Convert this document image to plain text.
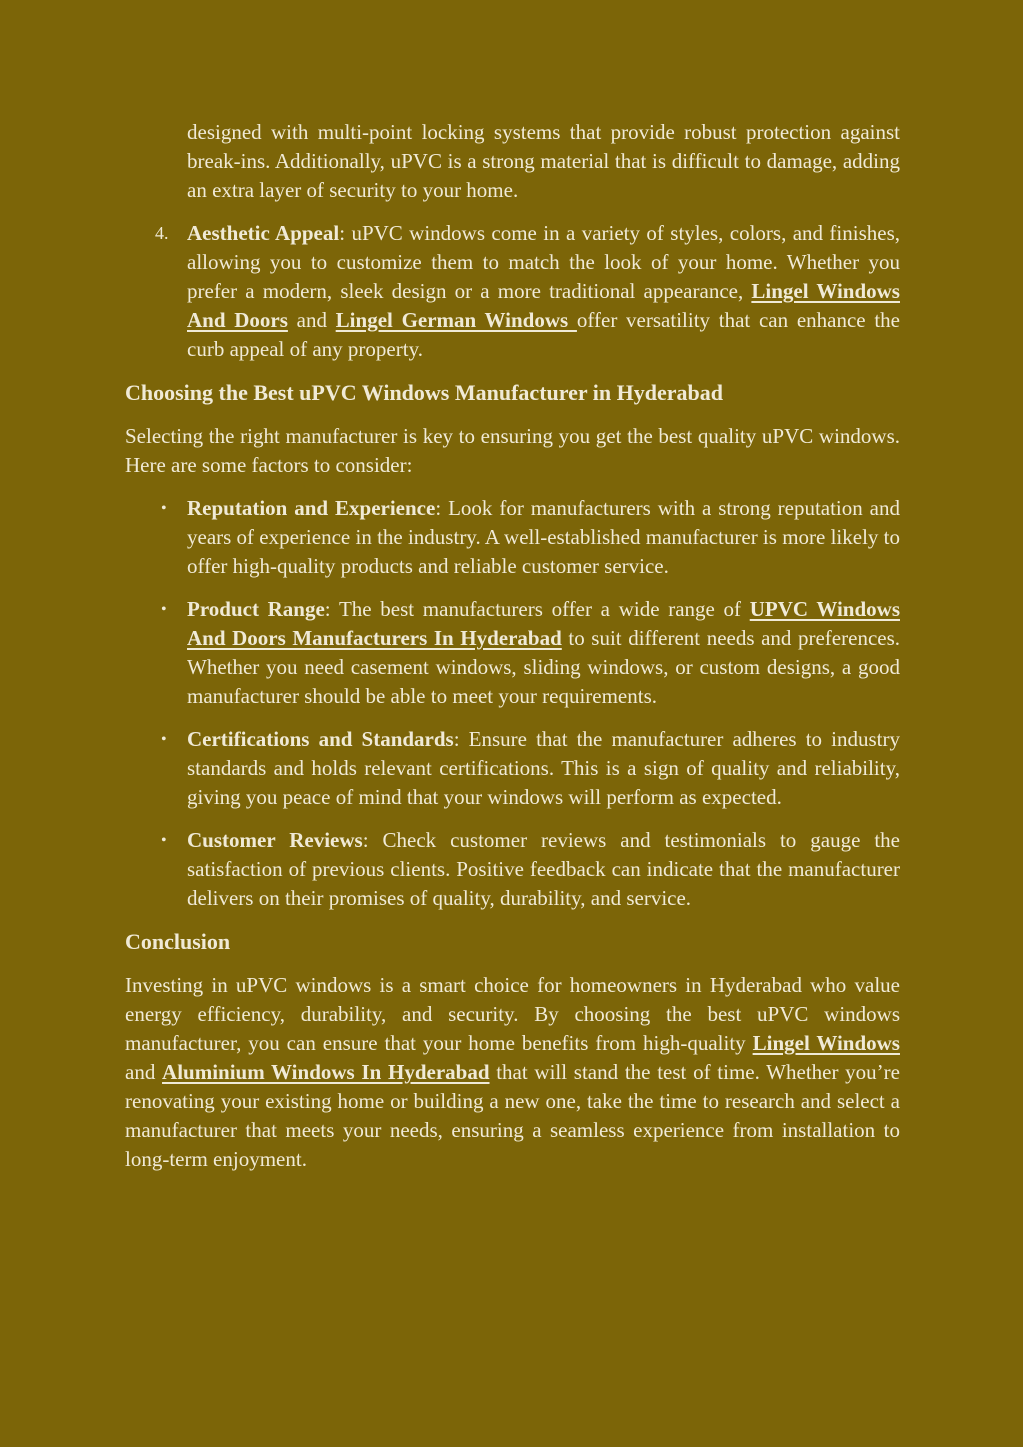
designed with multi-point locking systems that provide robust protection against break-ins. Additionally, uPVC is a strong material that is difficult to damage, adding an extra layer of security to your home.

4. Aesthetic Appeal: uPVC windows come in a variety of styles, colors, and finishes, allowing you to customize them to match the look of your home. Whether you prefer a modern, sleek design or a more traditional appearance, Lingel Windows And Doors and Lingel German Windows offer versatility that can enhance the curb appeal of any property.
Choosing the Best uPVC Windows Manufacturer in Hyderabad

Selecting the right manufacturer is key to ensuring you get the best quality uPVC windows. Here are some factors to consider:

• Reputation and Experience: Look for manufacturers with a strong reputation and years of experience in the industry. A well-established manufacturer is more likely to offer high-quality products and reliable customer service.
• Product Range: The best manufacturers offer a wide range of UPVC Windows And Doors Manufacturers In Hyderabad to suit different needs and preferences. Whether you need casement windows, sliding windows, or custom designs, a good manufacturer should be able to meet your requirements.
• Certifications and Standards: Ensure that the manufacturer adheres to industry standards and holds relevant certifications. This is a sign of quality and reliability, giving you peace of mind that your windows will perform as expected.
• Customer Reviews: Check customer reviews and testimonials to gauge the satisfaction of previous clients. Positive feedback can indicate that the manufacturer delivers on their promises of quality, durability, and service.
Conclusion

Investing in uPVC windows is a smart choice for homeowners in Hyderabad who value energy efficiency, durability, and security. By choosing the best uPVC windows manufacturer, you can ensure that your home benefits from high-quality Lingel Windows and Aluminium Windows In Hyderabad that will stand the test of time. Whether you’re renovating your existing home or building a new one, take the time to research and select a manufacturer that meets your needs, ensuring a seamless experience from installation to long-term enjoyment.
